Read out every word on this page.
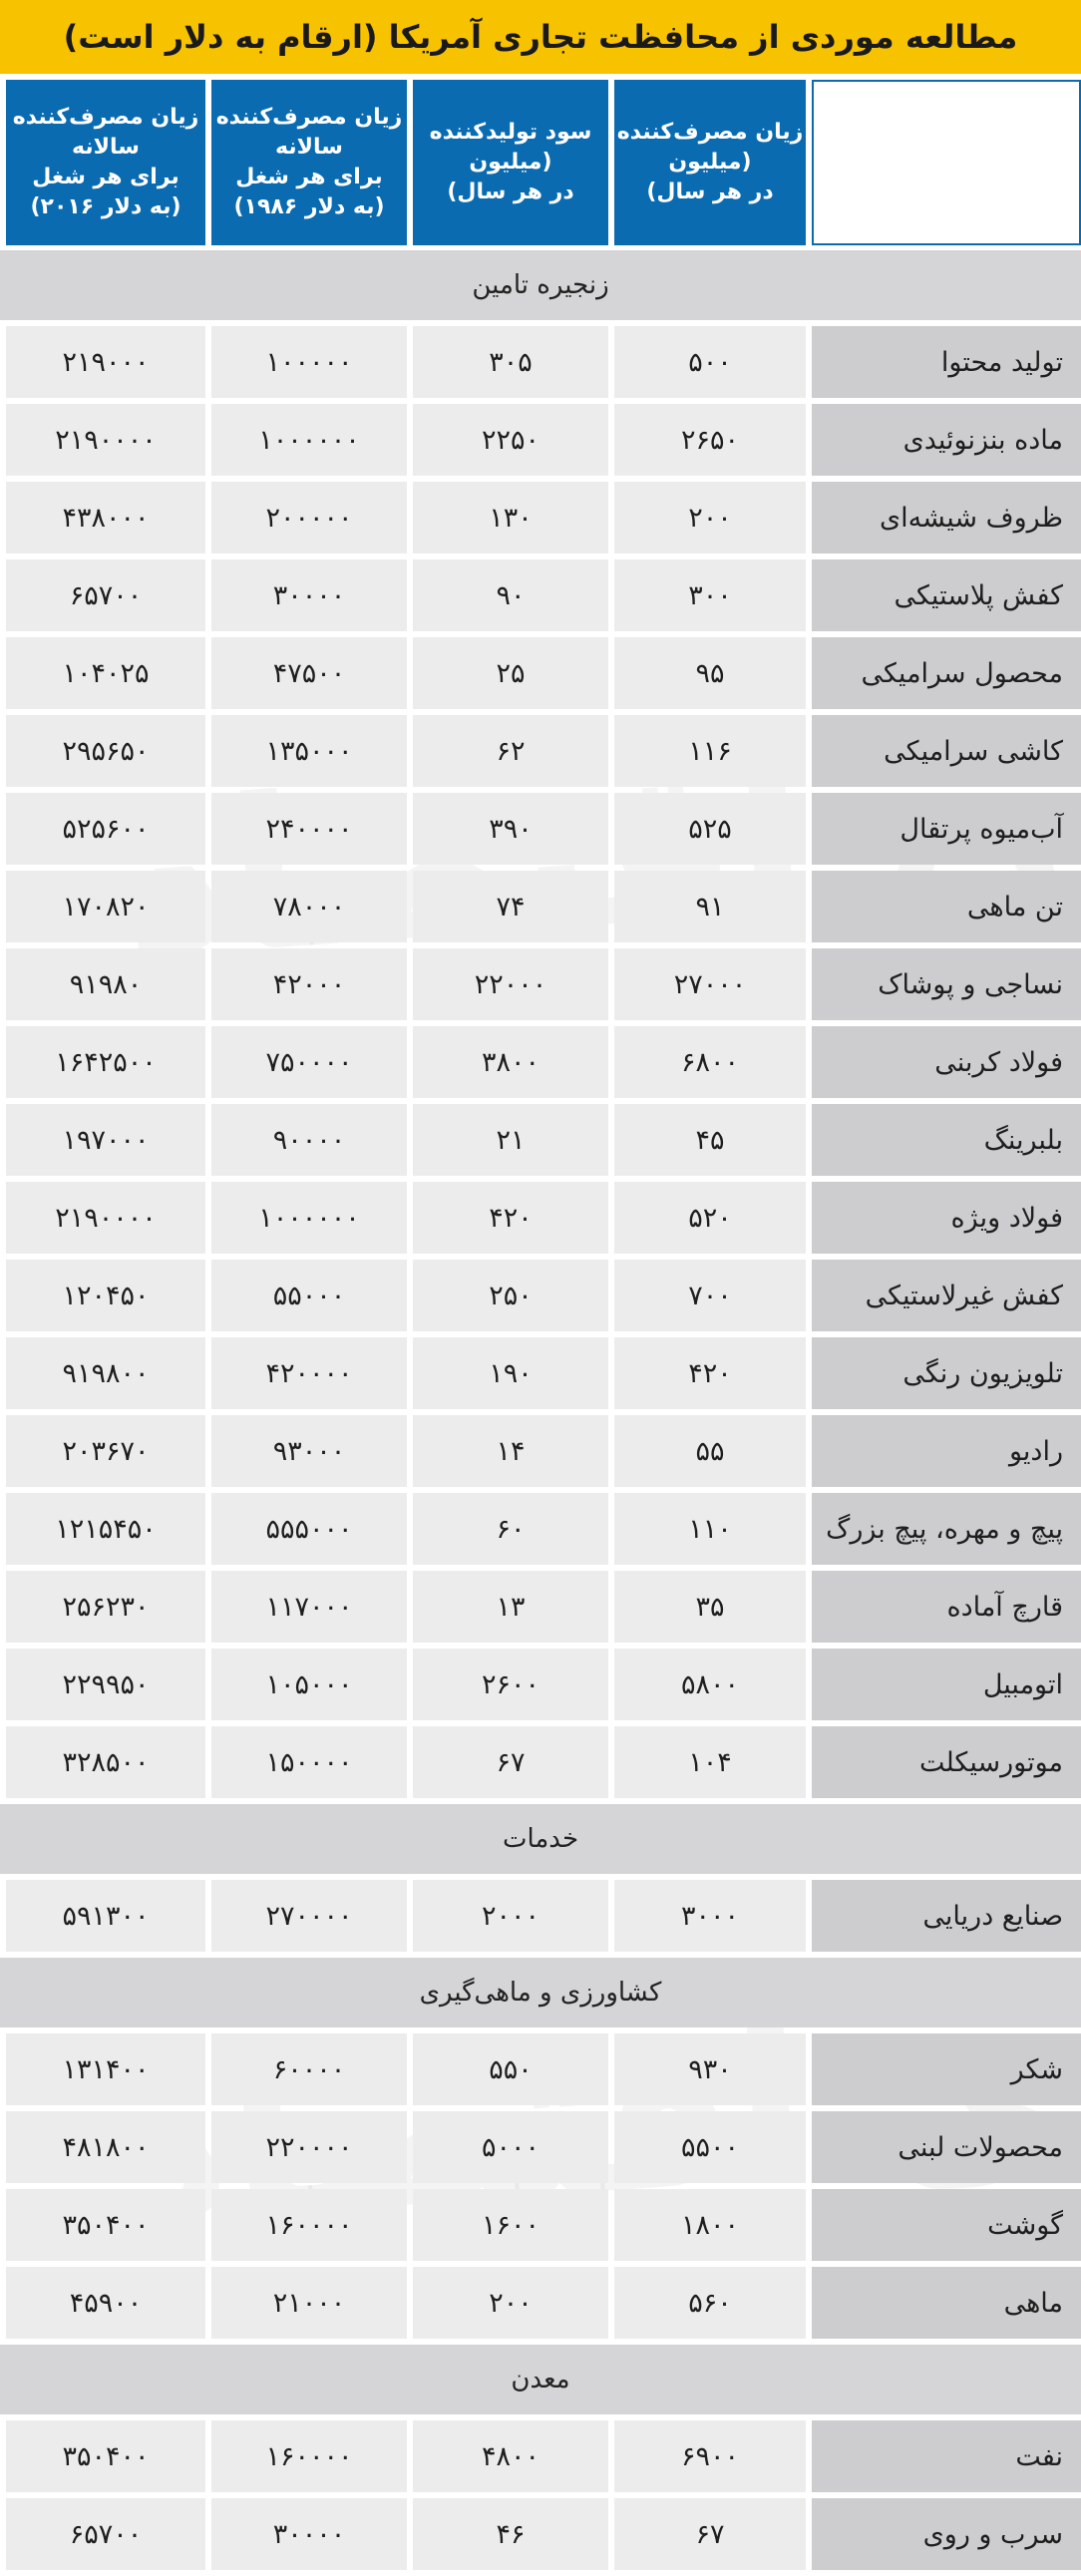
مطالعه موردی از محافظت تجاری آمریکا (ارقام به دلار است)
زیان مصرف‌کننده
(میلیون
در هر سال)
سود تولیدکننده
(میلیون
در هر سال)
زیان مصرف‌کننده
سالانه
برای هر شغل
(به دلار ۱۹۸۶)
زیان مصرف‌کننده
سالانه
برای هر شغل
(به دلار ۲۰۱۶)
زنجیره تامین
تولید محتوا
۵۰۰
۳۰۵
۱۰۰۰۰۰
۲۱۹۰۰۰
ماده بنزنوئیدی
۲۶۵۰
۲۲۵۰
۱۰۰۰۰۰۰
۲۱۹۰۰۰۰
ظروف شیشه‌ای
۲۰۰
۱۳۰
۲۰۰۰۰۰
۴۳۸۰۰۰
کفش پلاستیکی
۳۰۰
۹۰
۳۰۰۰۰
۶۵۷۰۰
محصول سرامیکی
۹۵
۲۵
۴۷۵۰۰
۱۰۴۰۲۵
کاشی سرامیکی
۱۱۶
۶۲
۱۳۵۰۰۰
۲۹۵۶۵۰
آب‌میوه پرتقال
۵۲۵
۳۹۰
۲۴۰۰۰۰
۵۲۵۶۰۰
تن ماهی
۹۱
۷۴
۷۸۰۰۰
۱۷۰۸۲۰
نساجی و پوشاک
۲۷۰۰۰
۲۲۰۰۰
۴۲۰۰۰
۹۱۹۸۰
فولاد کربنی
۶۸۰۰
۳۸۰۰
۷۵۰۰۰۰
۱۶۴۲۵۰۰
بلبرینگ
۴۵
۲۱
۹۰۰۰۰
۱۹۷۰۰۰
فولاد ویژه
۵۲۰
۴۲۰
۱۰۰۰۰۰۰
۲۱۹۰۰۰۰
کفش غیرلاستیکی
۷۰۰
۲۵۰
۵۵۰۰۰
۱۲۰۴۵۰
تلویزیون رنگی
۴۲۰
۱۹۰
۴۲۰۰۰۰
۹۱۹۸۰۰
رادیو
۵۵
۱۴
۹۳۰۰۰
۲۰۳۶۷۰
پیچ و مهره، پیچ بزرگ
۱۱۰
۶۰
۵۵۵۰۰۰
۱۲۱۵۴۵۰
قارچ آماده
۳۵
۱۳
۱۱۷۰۰۰
۲۵۶۲۳۰
اتومبیل
۵۸۰۰
۲۶۰۰
۱۰۵۰۰۰
۲۲۹۹۵۰
موتورسیکلت
۱۰۴
۶۷
۱۵۰۰۰۰
۳۲۸۵۰۰
خدمات
صنایع دریایی
۳۰۰۰
۲۰۰۰
۲۷۰۰۰۰
۵۹۱۳۰۰
کشاورزی و ماهی‌گیری
شکر
۹۳۰
۵۵۰
۶۰۰۰۰
۱۳۱۴۰۰
محصولات لبنی
۵۵۰۰
۵۰۰۰
۲۲۰۰۰۰
۴۸۱۸۰۰
گوشت
۱۸۰۰
۱۶۰۰
۱۶۰۰۰۰
۳۵۰۴۰۰
ماهی
۵۶۰
۲۰۰
۲۱۰۰۰
۴۵۹۰۰
معدن
نفت
۶۹۰۰
۴۸۰۰
۱۶۰۰۰۰
۳۵۰۴۰۰
سرب و روی
۶۷
۴۶
۳۰۰۰۰
۶۵۷۰۰
